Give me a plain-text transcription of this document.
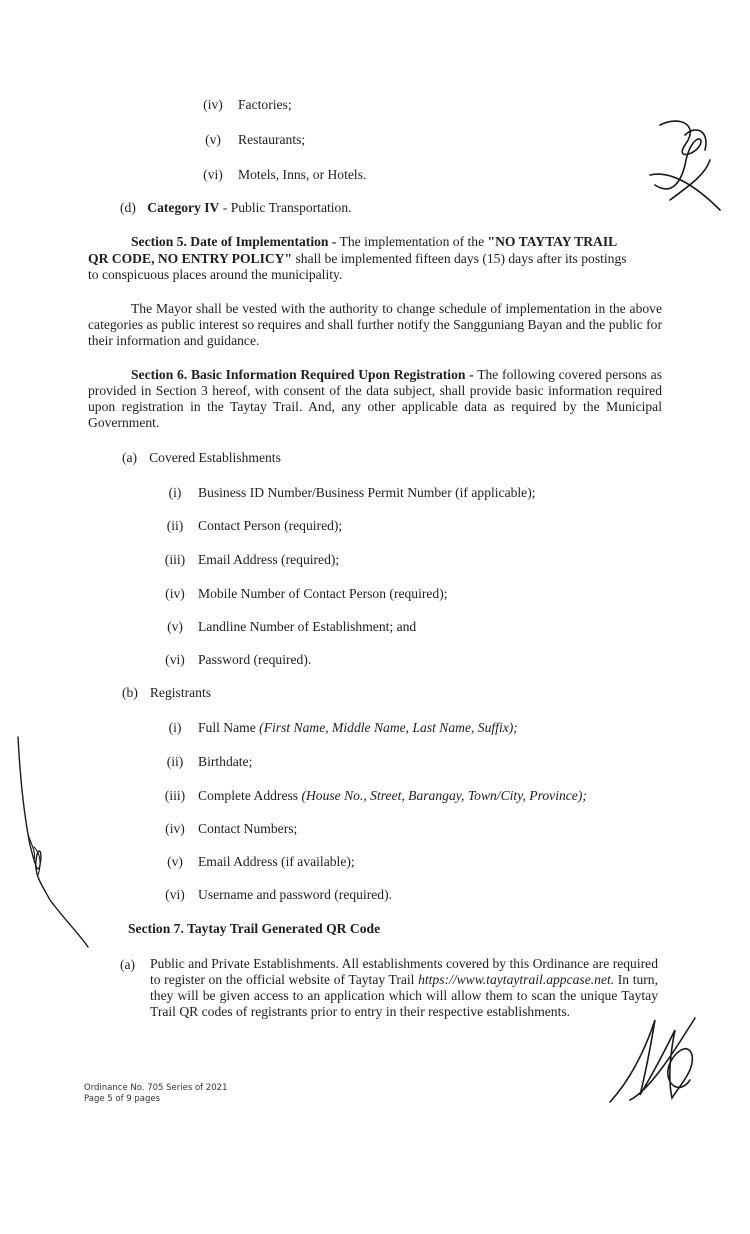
(iv) Factories;
(v) Restaurants;
(vi) Motels, Inns, or Hotels.
(d) Category IV - Public Transportation.
Section 5. Date of Implementation - The implementation of the "NO TAYTAY TRAIL
QR CODE, NO ENTRY POLICY" shall be implemented fifteen days (15) days after its postings
to conspicuous places around the municipality.
The Mayor shall be vested with the authority to change schedule of implementation in the above categories as public interest so requires and shall further notify the Sangguniang Bayan and the public for their information and guidance.
Section 6. Basic Information Required Upon Registration - The following covered persons as provided in Section 3 hereof, with consent of the data subject, shall provide basic information required upon registration in the Taytay Trail. And, any other applicable data as required by the Municipal Government.
(a) Covered Establishments
(i) Business ID Number/Business Permit Number (if applicable);
(ii) Contact Person (required);
(iii) Email Address (required);
(iv) Mobile Number of Contact Person (required);
(v) Landline Number of Establishment; and
(vi) Password (required).
(b) Registrants
(i) Full Name (First Name, Middle Name, Last Name, Suffix);
(ii) Birthdate;
(iii) Complete Address (House No., Street, Barangay, Town/City, Province);
(iv) Contact Numbers;
(v) Email Address (if available);
(vi) Username and password (required).
Section 7. Taytay Trail Generated QR Code
(a) Public and Private Establishments. All establishments covered by this Ordinance are required to register on the official website of Taytay Trail https://www.taytaytrail.appcase.net. In turn, they will be given access to an application which will allow them to scan the unique Taytay Trail QR codes of registrants prior to entry in their respective establishments.
Ordinance No. 705 Series of 2021
Page 5 of 9 pages
